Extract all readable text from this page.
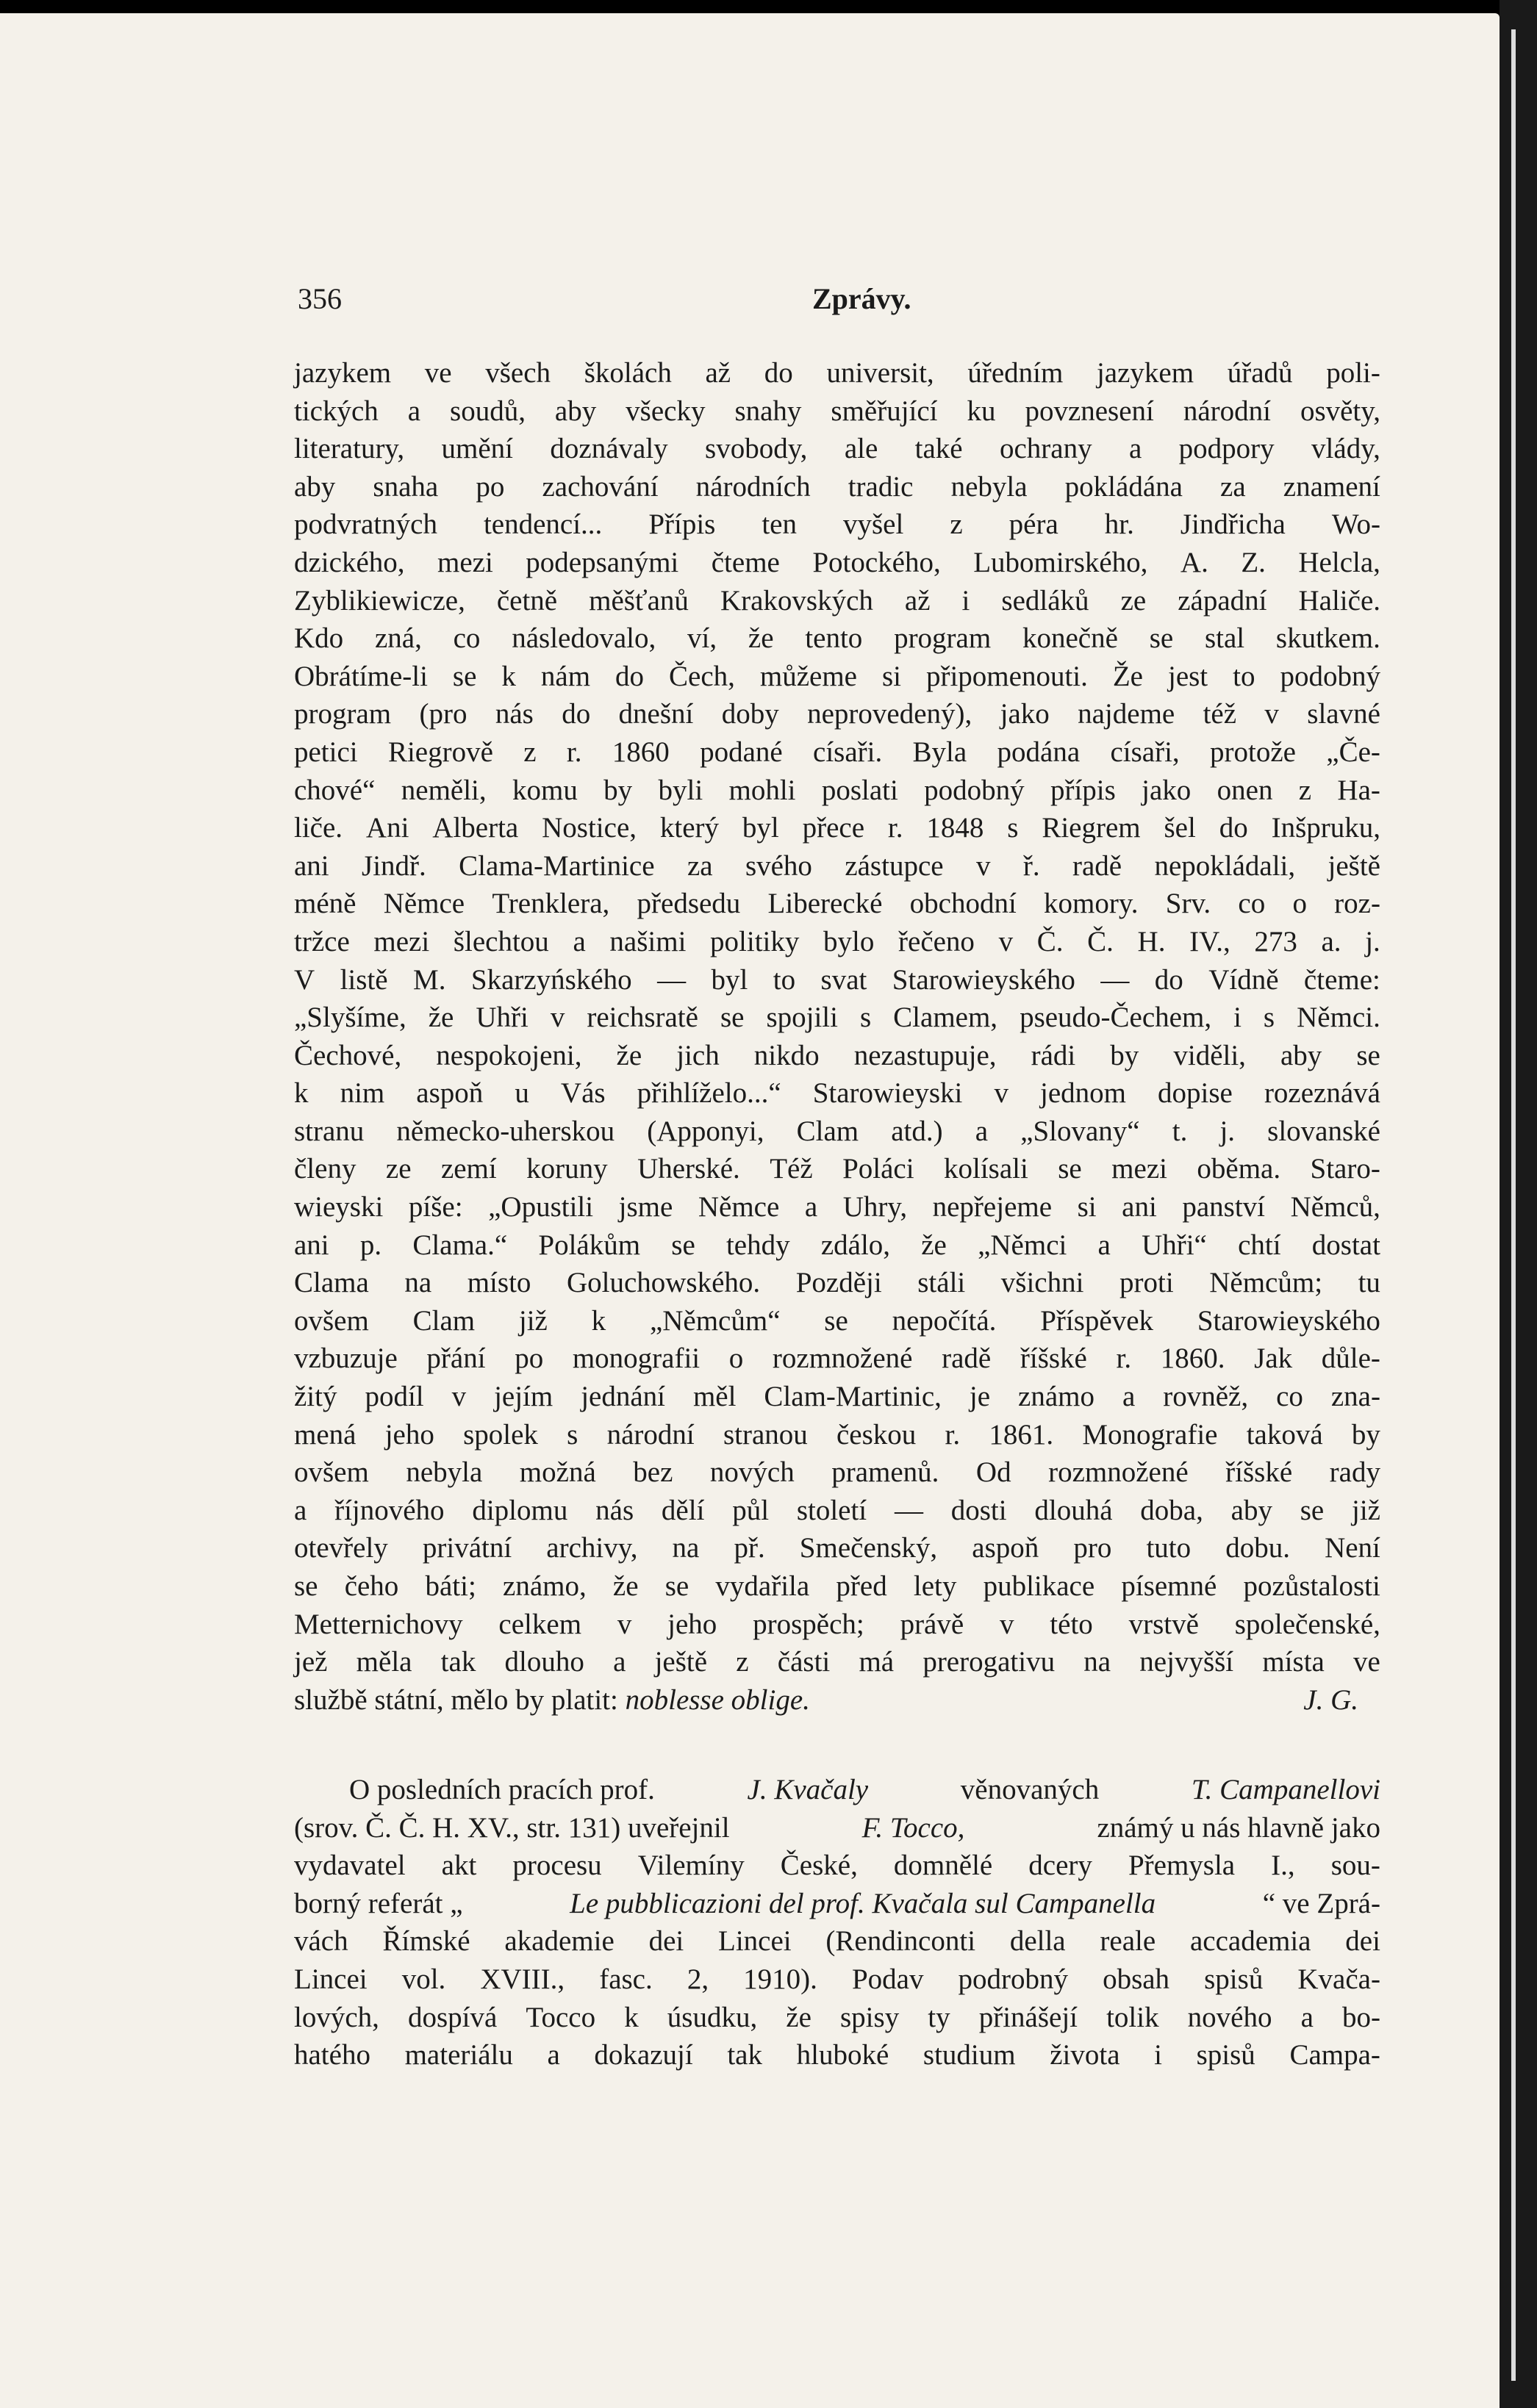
356	Zprávy.
jazykem ve všech školách až do universit, úředním jazykem úřadů poli-
tických a soudů, aby všecky snahy směřující ku povznesení národní osvěty,
literatury, umění doznávaly svobody, ale také ochrany a podpory vlády,
aby snaha po zachování národních tradic nebyla pokládána za znamení
podvratných tendencí... Přípis ten vyšel z péra hr. Jindřicha Wo-
dzického, mezi podepsanými čteme Potockého, Lubomirského, A. Z. Helcla,
Zyblikiewicze, četně měšťanů Krakovských až i sedláků ze západní Haliče.
Kdo zná, co následovalo, ví, že tento program konečně se stal skutkem.
Obrátíme-li se k nám do Čech, můžeme si připomenouti. Že jest to podobný
program (pro nás do dnešní doby neprovedený), jako najdeme též v slavné
petici Riegrově z r. 1860 podané císaři. Byla podána císaři, protože „Če-
chové“ neměli, komu by byli mohli poslati podobný přípis jako onen z Ha-
liče. Ani Alberta Nostice, který byl přece r. 1848 s Riegrem šel do Inšpruku,
ani Jindř. Clama-Martinice za svého zástupce v ř. radě nepokládali, ještě
méně Němce Trenklera, předsedu Liberecké obchodní komory. Srv. co o roz-
tržce mezi šlechtou a našimi politiky bylo řečeno v Č. Č. H. IV., 273 a. j.
V listě M. Skarzyńského — byl to svat Starowieyského — do Vídně čteme:
„Slyšíme, že Uhři v reichsratě se spojili s Clamem, pseudo-Čechem, i s Němci.
Čechové, nespokojeni, že jich nikdo nezastupuje, rádi by viděli, aby se
k nim aspoň u Vás přihlíželo...“ Starowieyski v jednom dopise rozeznává
stranu německo-uherskou (Apponyi, Clam atd.) a „Slovany“ t. j. slovanské
členy ze zemí koruny Uherské. Též Poláci kolísali se mezi oběma. Staro-
wieyski píše: „Opustili jsme Němce a Uhry, nepřejeme si ani panství Němců,
ani p. Clama.“ Polákům se tehdy zdálo, že „Němci a Uhři“ chtí dostat
Clama na místo Goluchowského. Později stáli všichni proti Němcům; tu
ovšem Clam již k „Němcům“ se nepočítá. Příspěvek Starowieyského
vzbuzuje přání po monografii o rozmnožené radě říšské r. 1860. Jak důle-
žitý podíl v jejím jednání měl Clam-Martinic, je známo a rovněž, co zna-
mená jeho spolek s národní stranou českou r. 1861. Monografie taková by
ovšem nebyla možná bez nových pramenů. Od rozmnožené říšské rady
a říjnového diplomu nás dělí půl století — dosti dlouhá doba, aby se již
otevřely privátní archivy, na př. Smečenský, aspoň pro tuto dobu. Není
se čeho báti; známo, že se vydařila před lety publikace písemné pozůstalosti
Metternichovy celkem v jeho prospěch; právě v této vrstvě společenské,
jež měla tak dlouho a ještě z části má prerogativu na nejvyšší místa ve
službě státní, mělo by platit:
noblesse oblige.	J. G.
O posledních pracích prof.	J. Kvačaly	věnovaných	T. Campanellovi
(srov. Č. Č. H. XV., str. 131) uveřejnil	F. Tocco,	známý u nás hlavně jako
vydavatel akt procesu Vilemíny České, domnělé dcery Přemysla I., sou-
borný referát „	Le pubblicazioni del prof. Kvačala sul Campanella	“ ve Zprá-
vách Římské akademie dei Lincei (Rendinconti della reale accademia dei
Lincei vol. XVIII., fasc. 2, 1910). Podav podrobný obsah spisů Kvača-
lových, dospívá Tocco k úsudku, že spisy ty přinášejí tolik nového a bo-
hatého materiálu a dokazují tak hluboké studium života i spisů Campa-
